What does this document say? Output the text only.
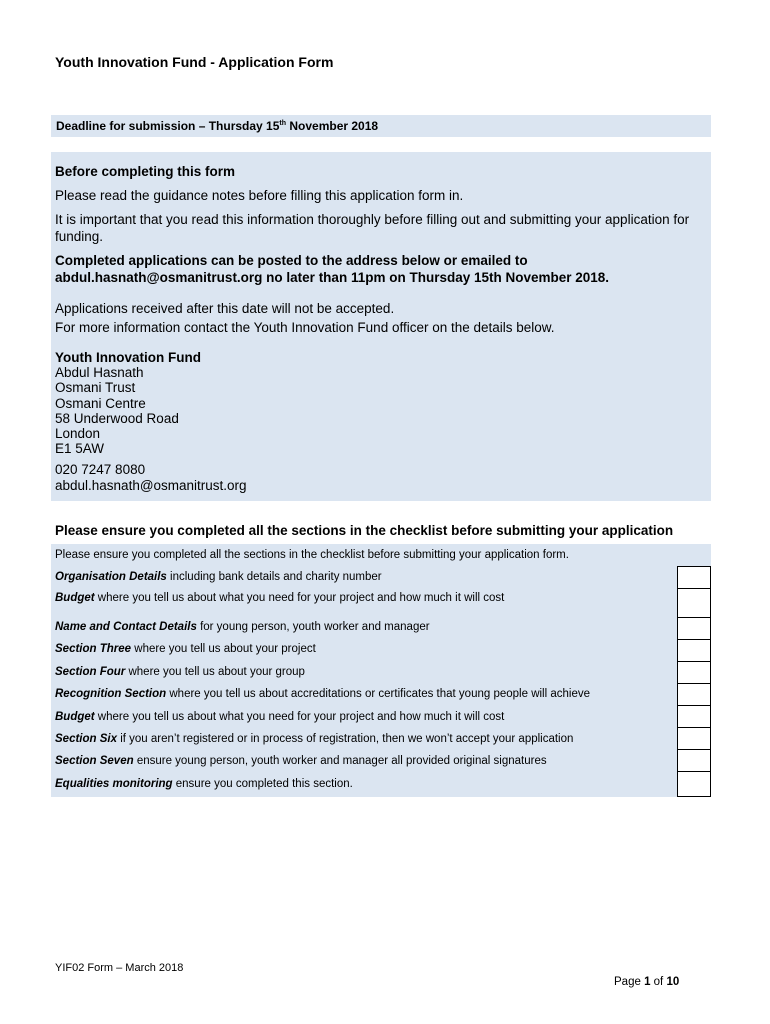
Youth Innovation Fund - Application Form
Deadline for submission – Thursday 15th November 2018

Before completing this form

Please read the guidance notes before filling this application form in.

It is important that you read this information thoroughly before filling out and submitting your application for funding.

Completed applications can be posted to the address below or emailed to

abdul.hasnath@osmanitrust.org no later than 11pm on Thursday 15th November 2018.

Applications received after this date will not be accepted.

For more information contact the Youth Innovation Fund officer on the details below.

Youth Innovation Fund

Abdul Hasnath
Osmani Trust
Osmani Centre
58 Underwood Road
London
E1 5AW

020 7247 8080

abdul.hasnath@osmanitrust.org

Please ensure you completed all the sections in the checklist before submitting your application
Please ensure you completed all the sections in the checklist before submitting your application form.
Organisation Details including bank details and charity number
Budget where you tell us about what you need for your project and how much it will cost
Name and Contact Details for young person, youth worker and manager
Section Three where you tell us about your project
Section Four where you tell us about your group
Recognition Section where you tell us about accreditations or certificates that young people will achieve
Budget where you tell us about what you need for your project and how much it will cost
Section Six if you aren’t registered or in process of registration, then we won’t accept your application
Section Seven ensure young person, youth worker and manager all provided original signatures
Equalities monitoring ensure you completed this section.
YIF02 Form – March 2018
Page 1 of 10
